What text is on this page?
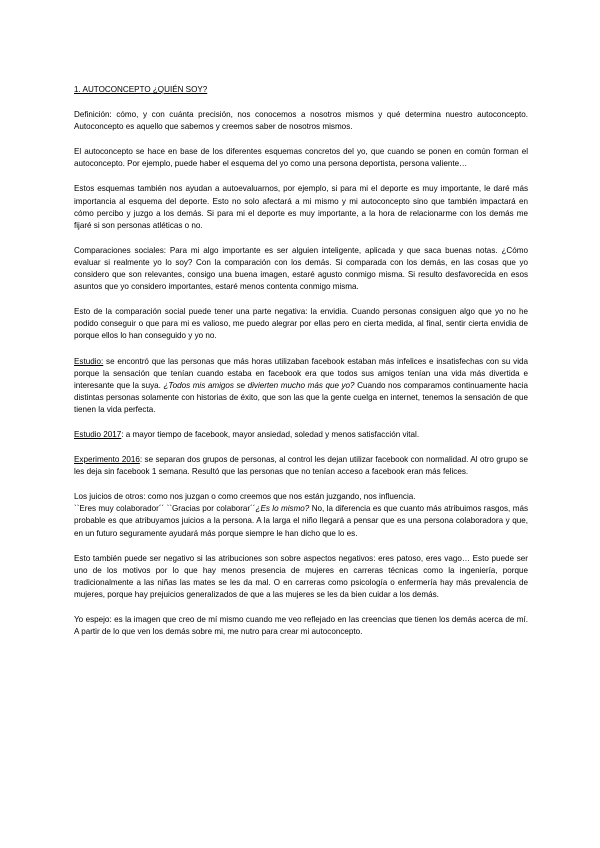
1. AUTOCONCEPTO ¿QUIÉN SOY?

Definición: cómo, y con cuánta precisión, nos conocemos a nosotros mismos y qué determina nuestro autoconcepto. Autoconcepto es aquello que sabemos y creemos saber de nosotros mismos.

El autoconcepto se hace en base de los diferentes esquemas concretos del yo, que cuando se ponen en común forman el autoconcepto. Por ejemplo, puede haber el esquema del yo como una persona deportista, persona valiente…

Estos esquemas también nos ayudan a autoevaluarnos, por ejemplo, si para mi el deporte es muy importante, le daré más importancia al esquema del deporte. Esto no solo afectará a mi mismo y mi autoconcepto sino que también impactará en cómo percibo y juzgo a los demás. Si para mi el deporte es muy importante, a la hora de relacionarme con los demás me fijaré si son personas atléticas o no.

Comparaciones sociales: Para mi algo importante es ser alguien inteligente, aplicada y que saca buenas notas. ¿Cómo evaluar si realmente yo lo soy? Con la comparación con los demás. Si comparada con los demás, en las cosas que yo considero que son relevantes, consigo una buena imagen, estaré agusto conmigo misma. Si resulto desfavorecida en esos asuntos que yo considero importantes, estaré menos contenta conmigo misma.

Esto de la comparación social puede tener una parte negativa: la envidia. Cuando personas consiguen algo que yo no he podido conseguir o que para mi es valioso, me puedo alegrar por ellas pero en cierta medida, al final, sentir cierta envidia de porque ellos lo han conseguido y yo no.

Estudio: se encontró que las personas que más horas utilizaban facebook estaban más infelices e insatisfechas con su vida porque la sensación que tenían cuando estaba en facebook era que todos sus amigos tenían una vida más divertida e interesante que la suya. ¿Todos mis amigos se divierten mucho más que yo? Cuando nos comparamos continuamente hacia distintas personas solamente con historias de éxito, que son las que la gente cuelga en internet, tenemos la sensación de que tienen la vida perfecta.

Estudio 2017: a mayor tiempo de facebook, mayor ansiedad, soledad y menos satisfacción vital.

Experimento 2016: se separan dos grupos de personas, al control les dejan utilizar facebook con normalidad. Al otro grupo se les deja sin facebook 1 semana. Resultó que las personas que no tenían acceso a facebook eran más felices.

Los juicios de otros: como nos juzgan o como creemos que nos están juzgando, nos influencia.
``Eres muy colaborador´´ ``Gracias por colaborar´´¿Es lo mismo? No, la diferencia es que cuanto más atribuimos rasgos, más probable es que atribuyamos juicios a la persona. A la larga el niño llegará a pensar que es una persona colaboradora y que, en un futuro seguramente ayudará más porque siempre le han dicho que lo es.

Esto también puede ser negativo si las atribuciones son sobre aspectos negativos: eres patoso, eres vago… Esto puede ser uno de los motivos por lo que hay menos presencia de mujeres en carreras técnicas como la ingeniería, porque tradicionalmente a las niñas las mates se les da mal. O en carreras como psicología o enfermería hay más prevalencia de mujeres, porque hay prejuicios generalizados de que a las mujeres se les da bien cuidar a los demás.

Yo espejo: es la imagen que creo de mí mismo cuando me veo reflejado en las creencias que tienen los demás acerca de mí. A partir de lo que ven los demás sobre mi, me nutro para crear mi autoconcepto.
